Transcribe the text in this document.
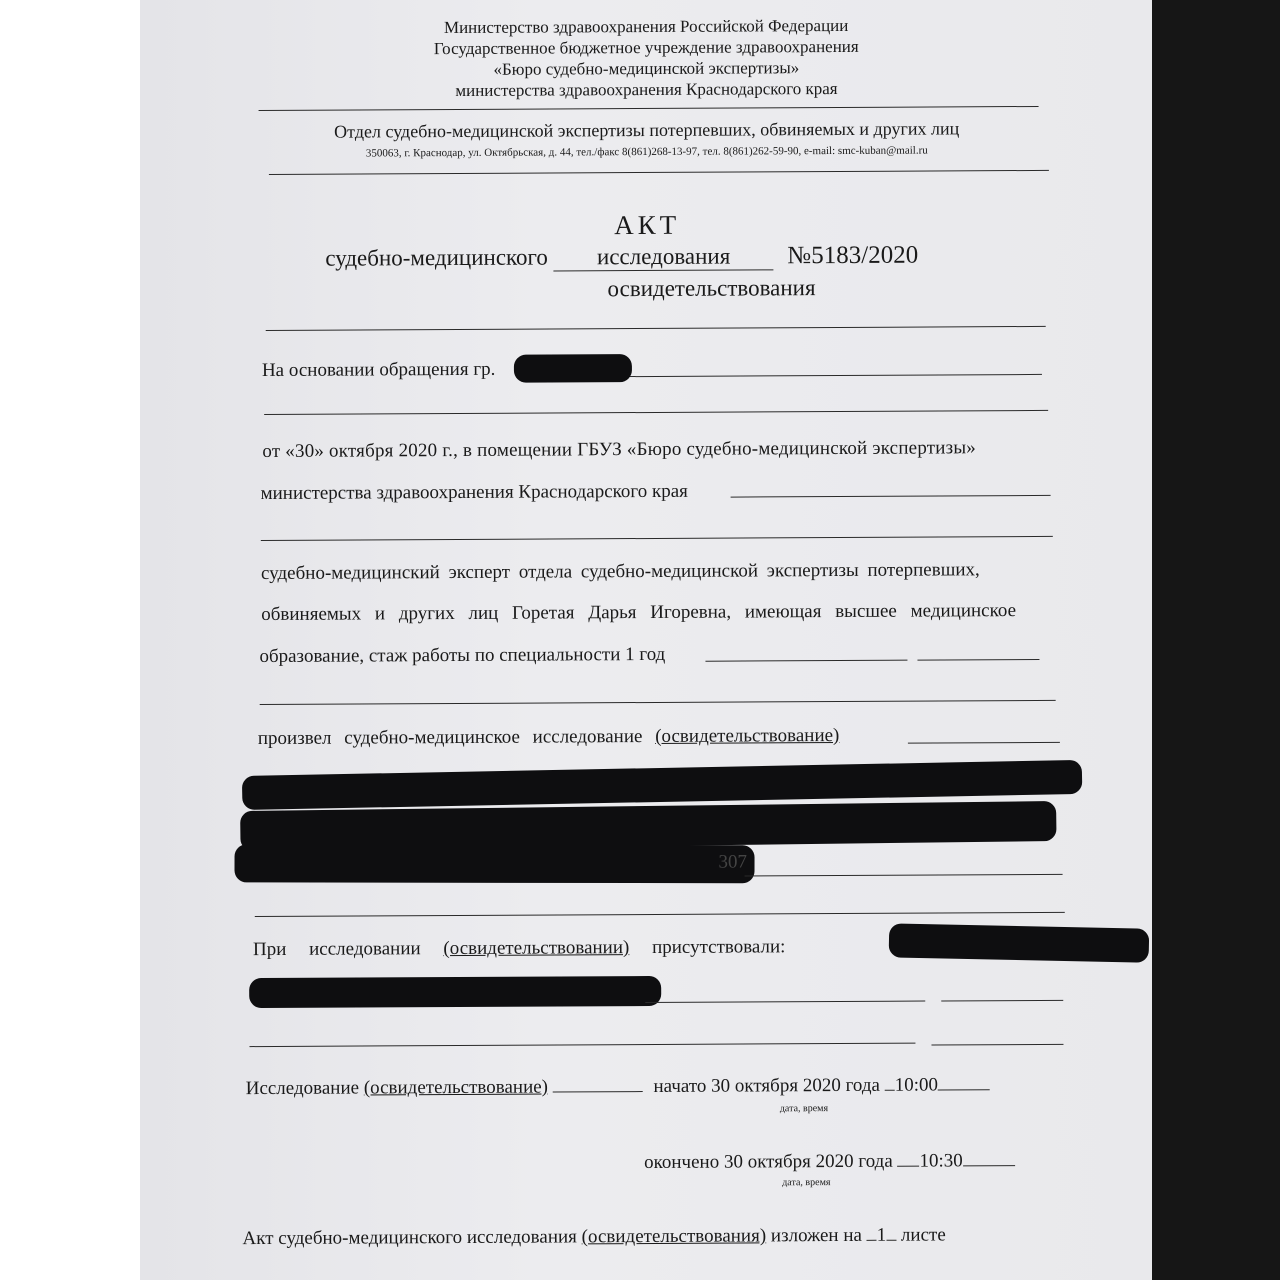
Министерство здравоохранения Российской Федерации
Государственное бюджетное учреждение здравоохранения
«Бюро судебно-медицинской экспертизы»
министерства здравоохранения Краснодарского края
Отдел судебно-медицинской экспертизы потерпевших, обвиняемых и других лиц
350063, г. Краснодар, ул. Октябрьская, д. 44, тел./факс 8(861)268-13-97, тел. 8(861)262-59-90, e-mail: smc-kuban@mail.ru
АКТ
судебно-медицинского исследования №5183/2020
освидетельствования
На основании обращения гр.
от «30» октября 2020 г., в помещении ГБУЗ «Бюро судебно-медицинской экспертизы»
министерства здравоохранения Краснодарского края
судебно-медицинский эксперт отдела судебно-медицинской экспертизы потерпевших,
обвиняемых и других лиц Горетая Дарья Игоревна, имеющая высшее медицинское
образование, стаж работы по специальности 1 год
произвел судебно-медицинское исследование (освидетельствование)
307
При исследовании (освидетельствовании) присутствовали:
Исследование (освидетельствование)	начато 30 октября 2020 года 10:00
дата, время
окончено 30 октября 2020 года 10:30
дата, время
Акт судебно-медицинского исследования (освидетельствования) изложен на 1 листе
